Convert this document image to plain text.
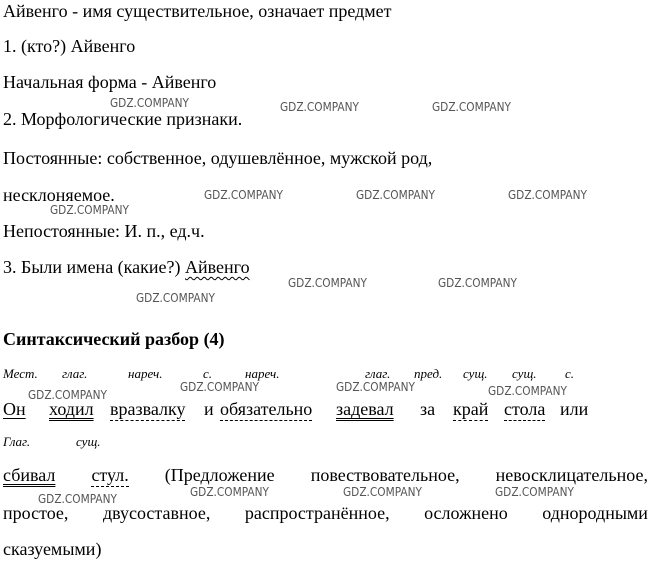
Айвенго - имя существительное, означает предмет
1. (кто?) Айвенго
Начальная форма - Айвенго
2. Морфологические признаки.
Постоянные: собственное, одушевлённое, мужской род,
несклоняемое.
Непостоянные: И. п., ед.ч.
3. Были имена (какие?) Айвенго
Синтаксический разбор (4)
Мест. глаг.	нареч.	с.	нареч.	глаг. пред. сущ. сущ. с.
Он ходил вразвалку и обязательно задевал за край стола или
Глаг.	сущ.
сбивал стул. (Предложение повествовательное, невосклицательное,
простое, двусоставное, распространённое, осложнено однородными
сказуемыми)
GDZ.COMPANY	GDZ.COMPANY	GDZ.COMPANY
GDZ.COMPANY	GDZ.COMPANY	GDZ.COMPANY
GDZ.COMPANY
GDZ.COMPANY	GDZ.COMPANY
GDZ.COMPANY
GDZ.COMPANY
GDZ.COMPANY	GDZ.COMPANY	GDZ.COMPANY
GDZ.COMPANY	GDZ.COMPANY	GDZ.COMPANY	GDZ.COMPANY
